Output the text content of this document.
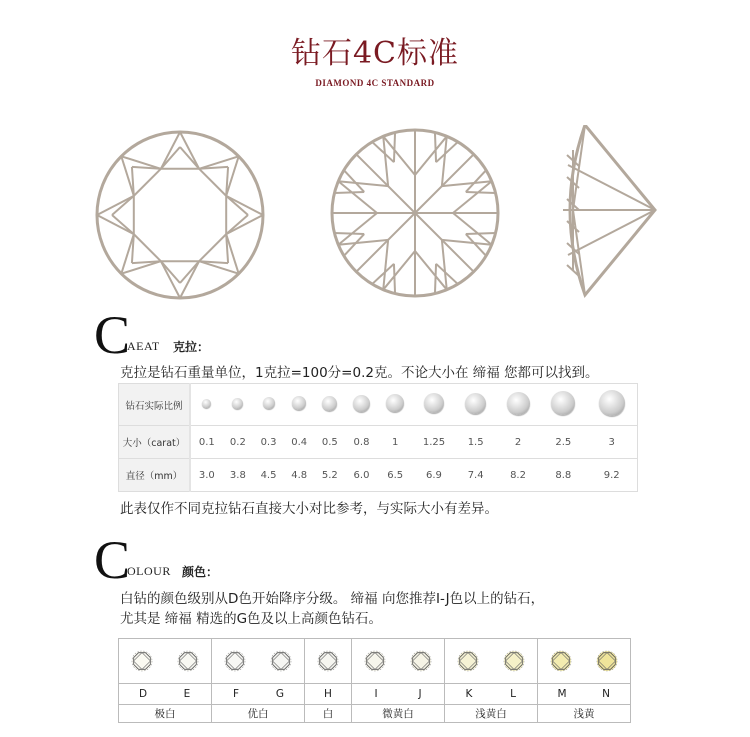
钻石4C标准
DIAMOND 4C STANDARD
C
AEAT 克拉：
克拉是钻石重量单位，1克拉=100分=0.2克。不论大小在 缔福 您都可以找到。
钻石实际比例												
大小（carat）	0.1	0.2	0.3	0.4	0.5	0.8	1	1.25	1.5	2	2.5	3
直径（mm）	3.0	3.8	4.5	4.8	5.2	6.0	6.5	6.9	7.4	8.2	8.8	9.2
此表仅作不同克拉钻石直接大小对比参考，与实际大小有差异。
C
OLOUR 颜色：
白钻的颜色级别从D色开始降序分级。 缔福 向您推荐I-J色以上的钻石，
尤其是 缔福 精选的G色及以上高颜色钻石。

D E	F G	H	I J	K L	M N
极白	优白	白	微黄白	浅黄白	浅黄
